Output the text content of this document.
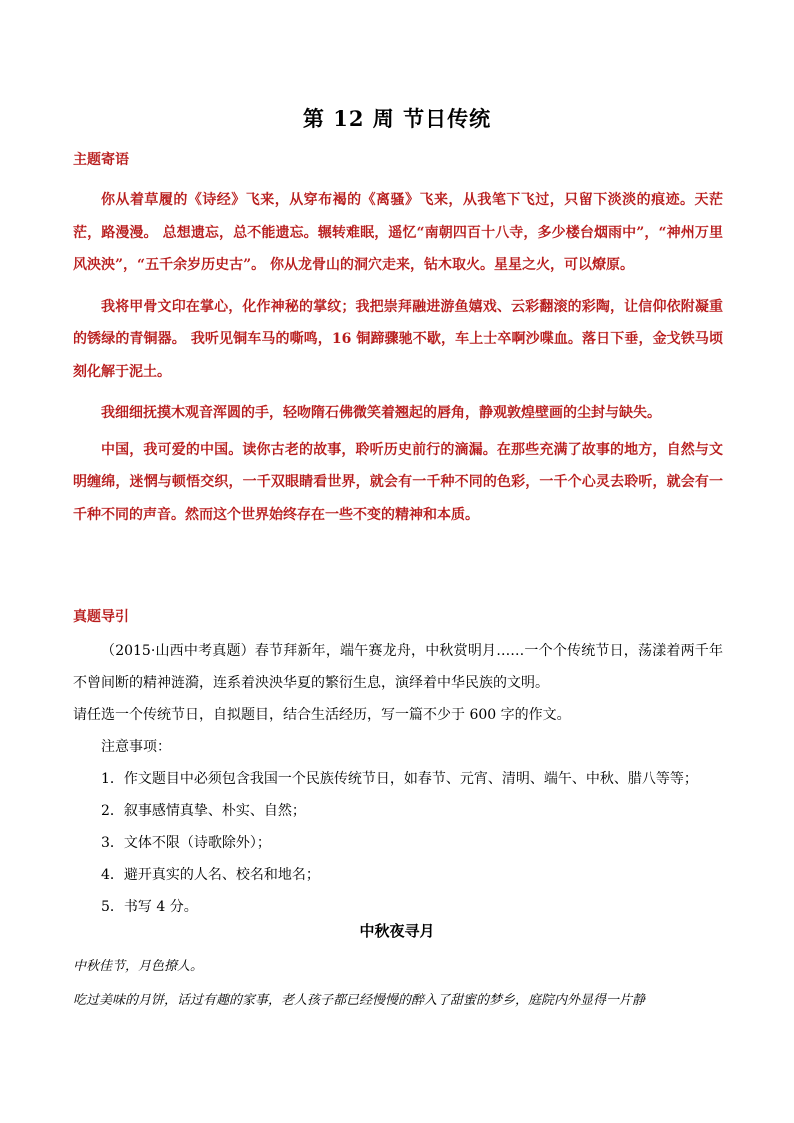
第 12 周 节日传统
主题寄语

你从着草履的《诗经》飞来，从穿布褐的《离骚》飞来，从我笔下飞过，只留下淡淡的痕迹。天茫茫，路漫漫。 总想遗忘，总不能遗忘。辗转难眠，遥忆“南朝四百十八寺，多少楼台烟雨中”，“神州万里风泱泱”，“五千余岁历史古”。 你从龙骨山的洞穴走来，钻木取火。星星之火，可以燎原。

我将甲骨文印在掌心，化作神秘的掌纹；我把崇拜融进游鱼嬉戏、云彩翻滚的彩陶，让信仰依附凝重的锈绿的青铜器。 我听见铜车马的嘶鸣，16 铜蹄骤驰不歇，车上士卒啊沙喋血。落日下垂，金戈铁马顷刻化解于泥土。

我细细抚摸木观音浑圆的手，轻吻隋石佛微笑着翘起的唇角，静观敦煌壁画的尘封与缺失。

中国，我可爱的中国。读你古老的故事，聆听历史前行的滴漏。在那些充满了故事的地方，自然与文明缠绵，迷惘与顿悟交织，一千双眼睛看世界，就会有一千种不同的色彩，一千个心灵去聆听，就会有一千种不同的声音。然而这个世界始终存在一些不变的精神和本质。

真题导引

（2015·山西中考真题）春节拜新年，端午赛龙舟，中秋赏明月……一个个传统节日，荡漾着两千年不曾间断的精神涟漪，连系着泱泱华夏的繁衍生息，演绎着中华民族的文明。

请任选一个传统节日，自拟题目，结合生活经历，写一篇不少于 600 字的作文。

注意事项：

1．作文题目中必须包含我国一个民族传统节日，如春节、元宵、清明、端午、中秋、腊八等等；

2．叙事感情真挚、朴实、自然；

3．文体不限（诗歌除外）；

4．避开真实的人名、校名和地名；

5．书写 4 分。

中秋夜寻月

中秋佳节，月色撩人。

吃过美味的月饼，话过有趣的家事，老人孩子都已经慢慢的醉入了甜蜜的梦乡，庭院内外显得一片静
